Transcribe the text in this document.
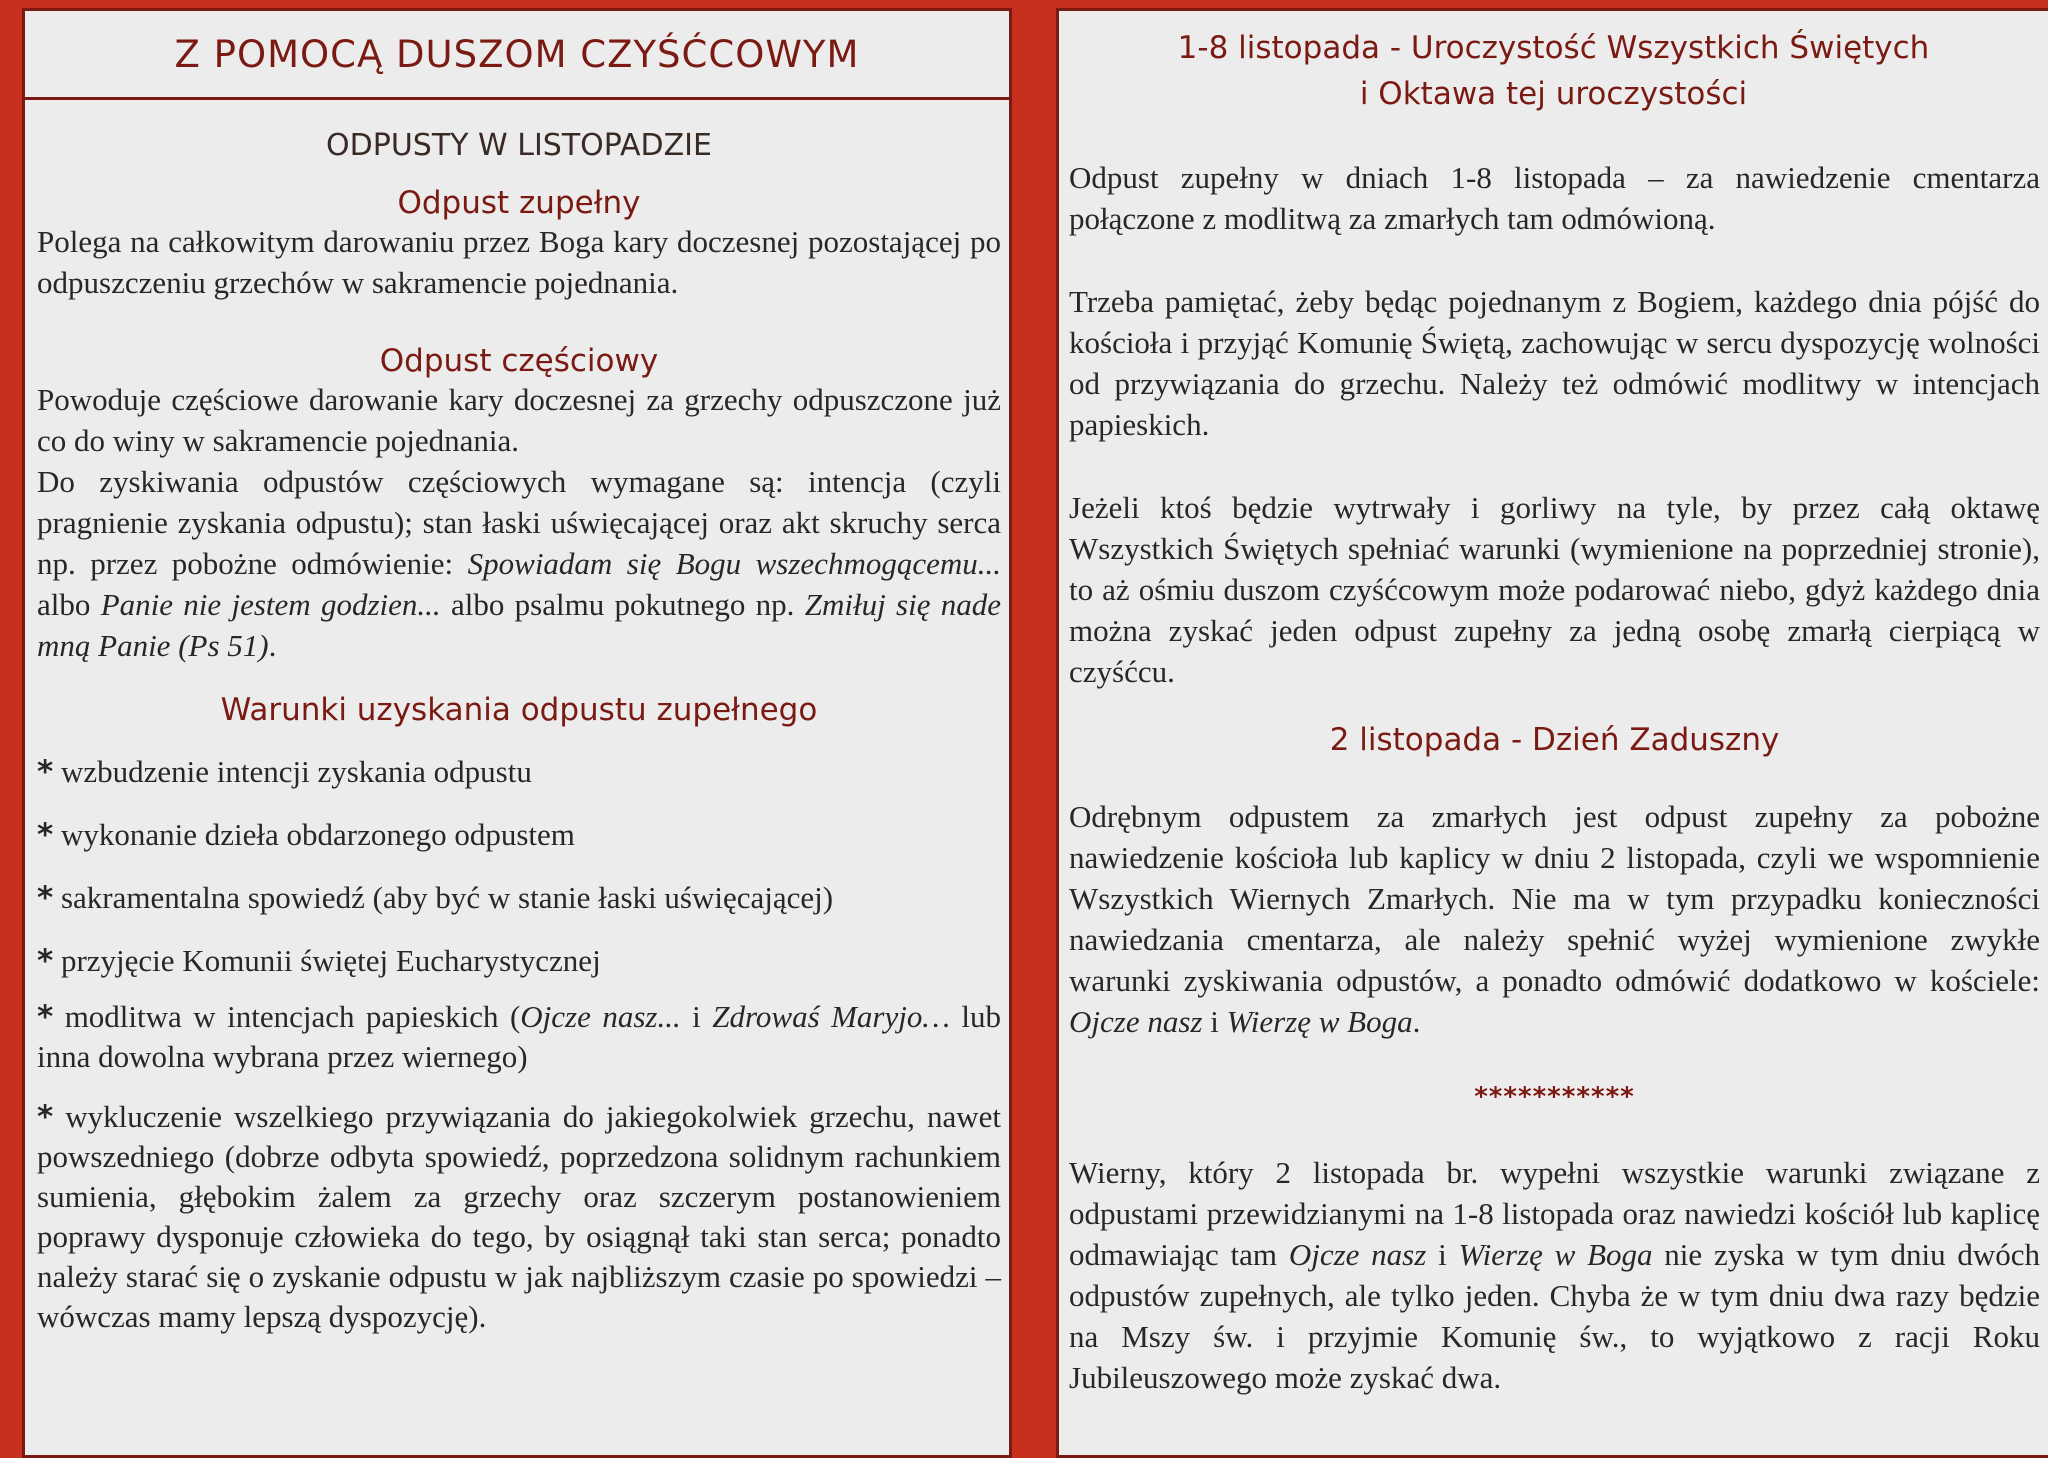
Z POMOCĄ DUSZOM CZYŚĆCOWYM
ODPUSTY W LISTOPADZIE
Odpust zupełny

Polega na całkowitym darowaniu przez Boga kary doczesnej pozostającej po odpuszczeniu grzechów w sakramencie pojednania.

Odpust częściowy

Powoduje częściowe darowanie kary doczesnej za grzechy odpuszczone już co do winy w sakramencie pojednania.

Do zyskiwania odpustów częściowych wymagane są: intencja (czyli pragnienie zyskania odpustu); stan łaski uświęcającej oraz akt skruchy serca np. przez pobożne odmówienie: Spowiadam się Bogu wszechmogącemu... albo Panie nie jestem godzien... albo psalmu pokutnego np. Zmiłuj się nade mną Panie (Ps 51).

Warunki uzyskania odpustu zupełnego
* wzbudzenie intencji zyskania odpustu
* wykonanie dzieła obdarzonego odpustem
* sakramentalna spowiedź (aby być w stanie łaski uświęcającej)
* przyjęcie Komunii świętej Eucharystycznej
* modlitwa w intencjach papieskich (Ojcze nasz... i Zdrowaś Maryjo… lub inna dowolna wybrana przez wiernego)
* wykluczenie wszelkiego przywiązania do jakiegokolwiek grzechu, nawet powszedniego (dobrze odbyta spowiedź, poprzedzona solidnym rachunkiem sumienia, głębokim żalem za grzechy oraz szczerym postanowieniem poprawy dysponuje człowieka do tego, by osiągnął taki stan serca; ponadto należy starać się o zyskanie odpustu w jak najbliższym czasie po spowiedzi – wówczas mamy lepszą dyspozycję).
1-8 listopada - Uroczystość Wszystkich Świętych
i Oktawa tej uroczystości

Odpust zupełny w dniach 1-8 listopada – za nawiedzenie cmentarza połączone z modlitwą za zmarłych tam odmówioną.

Trzeba pamiętać, żeby będąc pojednanym z Bogiem, każdego dnia pójść do kościoła i przyjąć Komunię Świętą, zachowując w sercu dyspozycję wolności od przywiązania do grzechu. Należy też odmówić modlitwy w intencjach papieskich.

Jeżeli ktoś będzie wytrwały i gorliwy na tyle, by przez całą oktawę Wszystkich Świętych spełniać warunki (wymienione na poprzedniej stronie), to aż ośmiu duszom czyśćcowym może podarować niebo, gdyż każdego dnia można zyskać jeden odpust zupełny za jedną osobę zmarłą cierpiącą w czyśćcu.

2 listopada - Dzień Zaduszny

Odrębnym odpustem za zmarłych jest odpust zupełny za pobożne nawiedzenie kościoła lub kaplicy w dniu 2 listopada, czyli we wspomnienie Wszystkich Wiernych Zmarłych. Nie ma w tym przypadku konieczności nawiedzania cmentarza, ale należy spełnić wyżej wymienione zwykłe warunki zyskiwania odpustów, a ponadto odmówić dodatkowo w kościele: Ojcze nasz i Wierzę w Boga.

***********

Wierny, który 2 listopada br. wypełni wszystkie warunki związane z odpustami przewidzianymi na 1-8 listopada oraz nawiedzi kościół lub kaplicę odmawiając tam Ojcze nasz i Wierzę w Boga nie zyska w tym dniu dwóch odpustów zupełnych, ale tylko jeden. Chyba że w tym dniu dwa razy będzie na Mszy św. i przyjmie Komunię św., to wyjątkowo z racji Roku Jubileuszowego może zyskać dwa.
